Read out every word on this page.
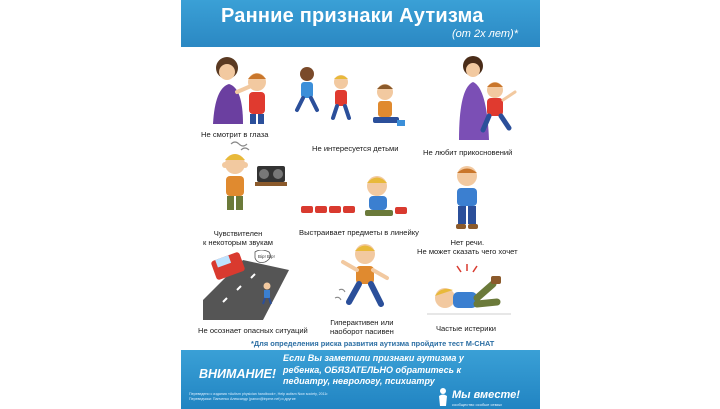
Ранние признаки Аутизма
(от 2х лет)*
Не смотрит в глаза
Не интересуется детьми	Не любит прикосновений
Чувствителен
к некоторым звукам
Выстраивает предметы в линейку
Нет речи.
Не может сказать чего хочет
Bip! Bip!
Не осознает опасных ситуаций
Гиперактивен или
наоборот пасивен	Частые истерики
*Для определения риска развития аутизма пройдите тест M-CHAT
ВНИМАНИЕ!
Если Вы заметили признаки аутизма у ребенка, ОБЯЗАТЕЛЬНО обратитесь к педиатру, неврологу, психиатру
Переведено с издания «Autism physician handbook», Help autism Now society, 2011г.
Переведчики: Панченко Александр (panov@inpme.net) и другие	Мы вместе!
сообщество особые семьи
